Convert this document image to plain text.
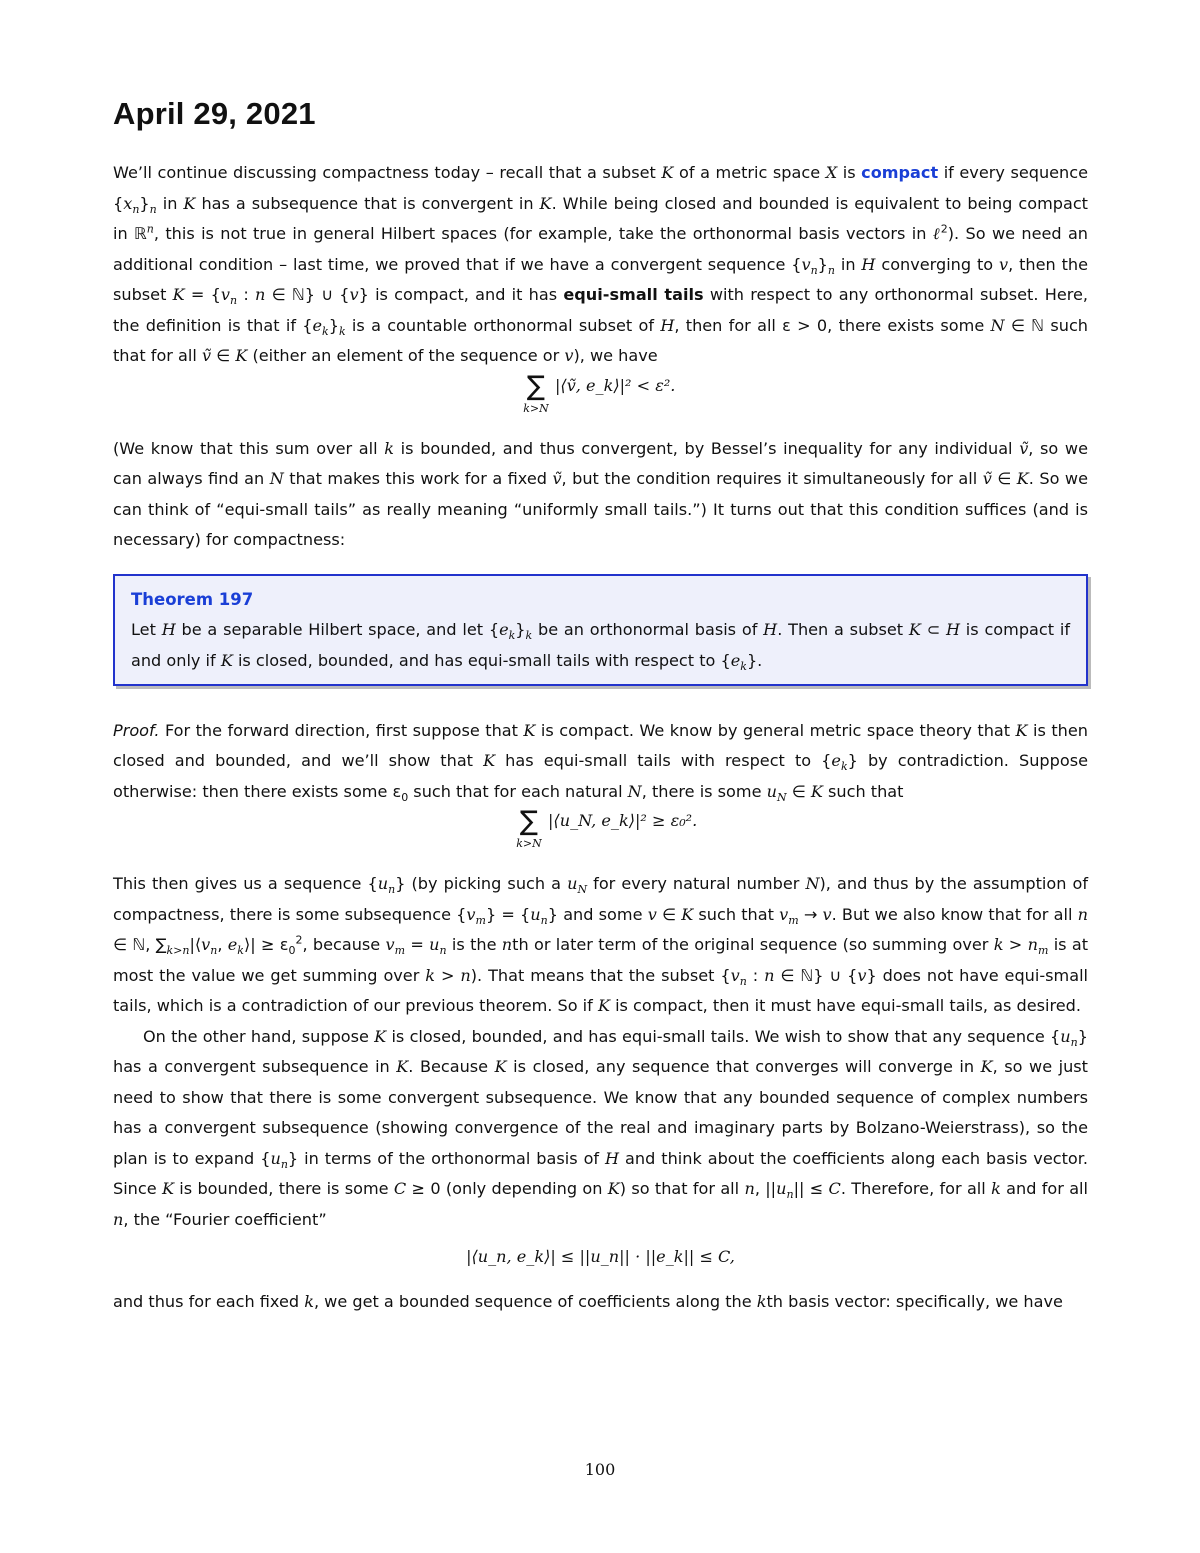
April 29, 2021

We’ll continue discussing compactness today – recall that a subset K of a metric space X is compact if every sequence $\{x_n\}_n$ in K has a subsequence that is convergent in K. While being closed and bounded is equivalent to being compact in ℝ$^n$, this is not true in general Hilbert spaces (for example, take the orthonormal basis vectors in ℓ$^2$). So we need an additional condition – last time, we proved that if we have a convergent sequence $\{v_n\}_n$ in H converging to v, then the subset $K = \{v_n$ : n ∈ ℕ} ∪ {v} is compact, and it has equi-small tails with respect to any orthonormal subset. Here, the definition is that if $\{e_k\}_k$ is a countable orthonormal subset of H, then for all ε > 0, there exists some N ∈ ℕ such that for all ṽ ∈ K (either an element of the sequence or v), we have

∑
k>N
|⟨ṽ, e_k⟩|² < ε².

(We know that this sum over all k is bounded, and thus convergent, by Bessel’s inequality for any individual ṽ, so we can always find an N that makes this work for a fixed ṽ, but the condition requires it simultaneously for all ṽ ∈ K. So we can think of “equi-small tails” as really meaning “uniformly small tails.”) It turns out that this condition suffices (and is necessary) for compactness:

Theorem 197

Let H be a separable Hilbert space, and let $\{e_k\}_k$ be an orthonormal basis of H. Then a subset K ⊂ H is compact if and only if K is closed, bounded, and has equi-small tails with respect to $\{e_k\}$.

Proof. For the forward direction, first suppose that K is compact. We know by general metric space theory that K is then closed and bounded, and we’ll show that K has equi-small tails with respect to $\{e_k\}$ by contradiction. Suppose otherwise: then there exists some $\varepsilon_0$ such that for each natural N, there is some $u_N$ ∈ K such that

∑
k>N
|⟨u_N, e_k⟩|² ≥ ε₀².

This then gives us a sequence $\{u_n\}$ (by picking such a $u_N$ for every natural number N), and thus by the assumption of compactness, there is some subsequence $\{v_m\} = \{u_n\}$ and some v ∈ K such that $v_m \to v$. But we also know that for all n ∈ ℕ, $\sum_{k>n}|⟨v_n$, $e_k⟩| \ge \varepsilon_0^2$, because $v_m = u_n$ is the nth or later term of the original sequence (so summing over $k > n_m$ is at most the value we get summing over k > n). That means that the subset {$v_n$ : n ∈ ℕ} ∪ {v} does not have equi-small tails, which is a contradiction of our previous theorem. So if K is compact, then it must have equi-small tails, as desired.

On the other hand, suppose K is closed, bounded, and has equi-small tails. We wish to show that any sequence $\{u_n\}$ has a convergent subsequence in K. Because K is closed, any sequence that converges will converge in K, so we just need to show that there is some convergent subsequence. We know that any bounded sequence of complex numbers has a convergent subsequence (showing convergence of the real and imaginary parts by Bolzano-Weierstrass), so the plan is to expand $\{u_n\}$ in terms of the orthonormal basis of H and think about the coefficients along each basis vector. Since K is bounded, there is some C ≥ 0 (only depending on K) so that for all n, $||u_n|| \le C$. Therefore, for all k and for all n, the “Fourier coefficient”

|⟨u_n, e_k⟩| ≤ ||u_n|| · ||e_k|| ≤ C,

and thus for each fixed k, we get a bounded sequence of coefficients along the kth basis vector: specifically, we have

100
